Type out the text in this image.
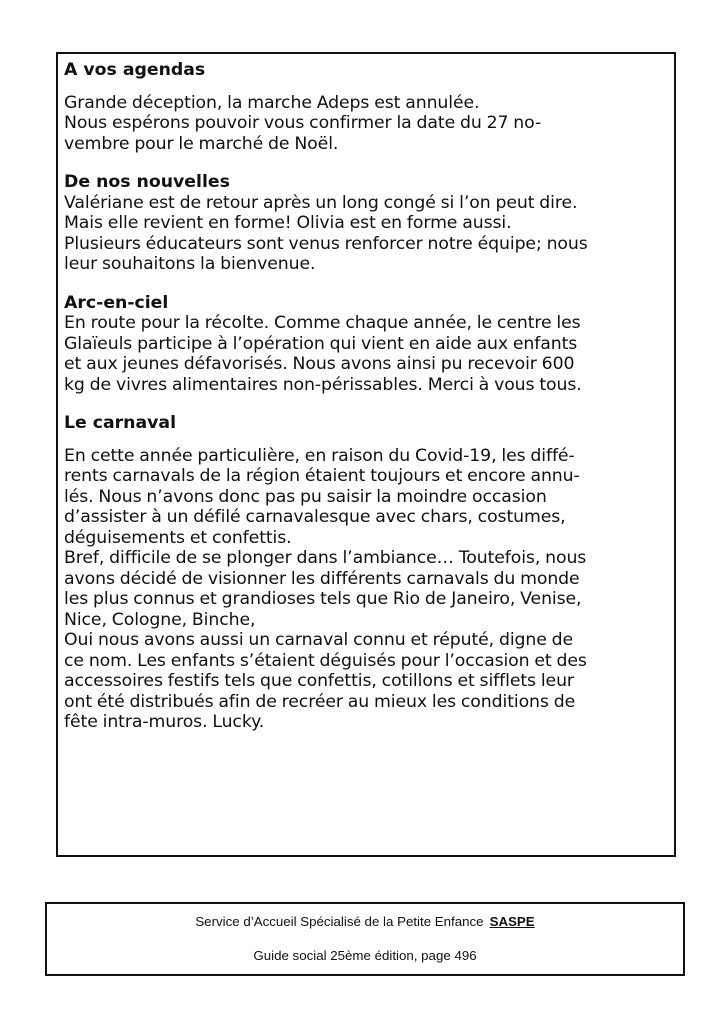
A vos agendas

Grande déception, la marche Adeps est annulée.
Nous espérons pouvoir vous confirmer la date du 27 no-
vembre pour le marché de Noël.

De nos nouvelles

Valériane est de retour après un long congé si l’on peut dire.
Mais elle revient en forme! Olivia est en forme aussi.
Plusieurs éducateurs sont venus renforcer notre équipe; nous
leur souhaitons la bienvenue.

Arc-en-ciel

En route pour la récolte. Comme chaque année, le centre les
Glaïeuls participe à l’opération qui vient en aide aux enfants
et aux jeunes défavorisés. Nous avons ainsi pu recevoir 600
kg de vivres alimentaires non-périssables. Merci à vous tous.

Le carnaval

En cette année particulière, en raison du Covid-19, les diffé-
rents carnavals de la région étaient toujours et encore annu-
lés. Nous n’avons donc pas pu saisir la moindre occasion
d’assister à un défilé carnavalesque avec chars, costumes,
déguisements et confettis.
Bref, difficile de se plonger dans l’ambiance… Toutefois, nous
avons décidé de visionner les différents carnavals du monde
les plus connus et grandioses tels que Rio de Janeiro, Venise,
Nice, Cologne, Binche,
Oui nous avons aussi un carnaval connu et réputé, digne de
ce nom. Les enfants s’étaient déguisés pour l’occasion et des
accessoires festifs tels que confettis, cotillons et sifflets leur
ont été distribués afin de recréer au mieux les conditions de
fête intra-muros. Lucky.

Service d’Accueil Spécialisé de la Petite Enfance SASPE
Guide social 25ème édition, page 496
